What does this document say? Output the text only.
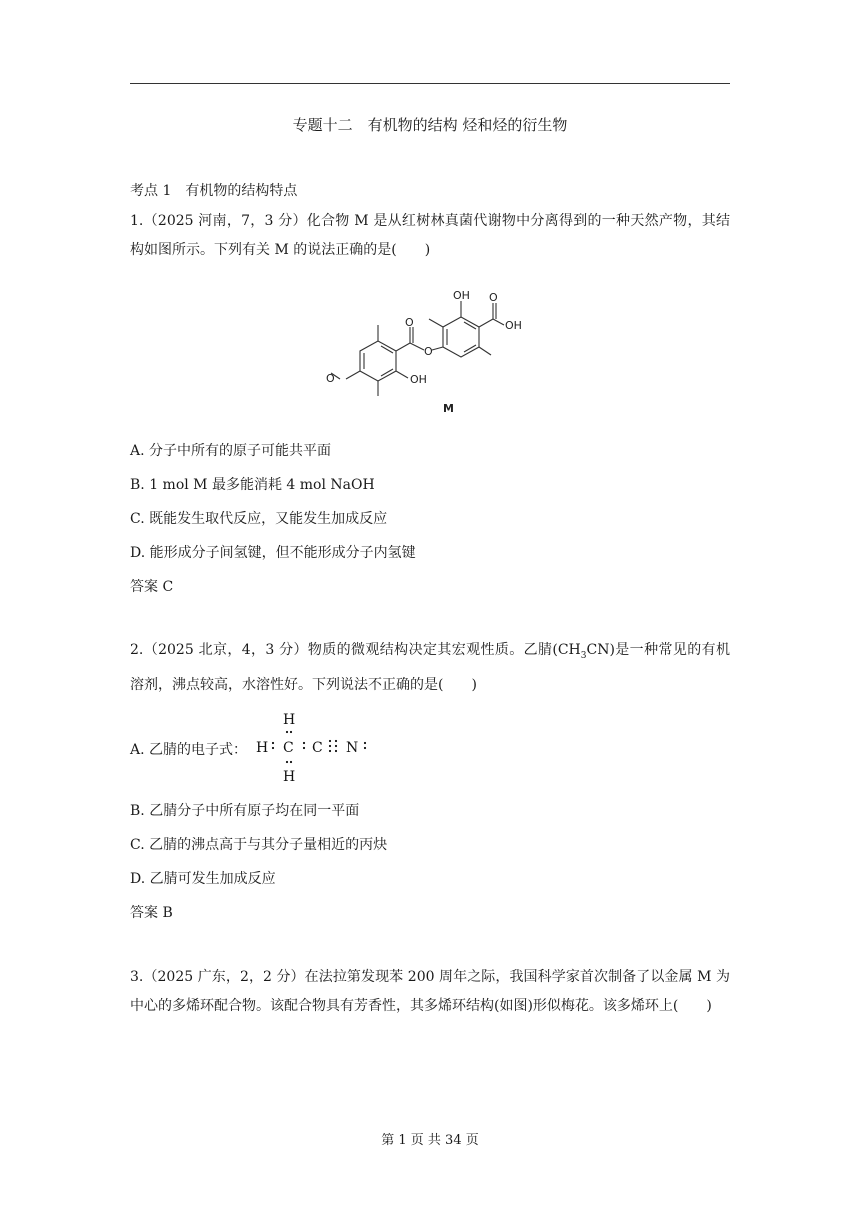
专题十二　有机物的结构 烃和烃的衍生物
考点 1　有机物的结构特点
1.（2025 河南，7，3 分）化合物 M 是从红树林真菌代谢物中分离得到的一种天然产物，其结构如图所示。下列有关 M 的说法正确的是(　　)
O
O
O
OH
OH O
OH
M
A. 分子中所有的原子可能共平面
B. 1 mol M 最多能消耗 4 mol NaOH
C. 既能发生取代反应，又能发生加成反应
D. 能形成分子间氢键，但不能形成分子内氢键
答案 C
2.（2025 北京，4，3 分）物质的微观结构决定其宏观性质。乙腈$(CH_3CN)$是一种常见的有机溶剂，沸点较高，水溶性好。下列说法不正确的是(　　)
A. 乙腈的电子式：
H
H C C N
H
B. 乙腈分子中所有原子均在同一平面
C. 乙腈的沸点高于与其分子量相近的丙炔
D. 乙腈可发生加成反应
答案 B
3.（2025 广东，2，2 分）在法拉第发现苯 200 周年之际，我国科学家首次制备了以金属 M 为中心的多烯环配合物。该配合物具有芳香性，其多烯环结构(如图)形似梅花。该多烯环上(　　)
第 1 页 共 34 页
